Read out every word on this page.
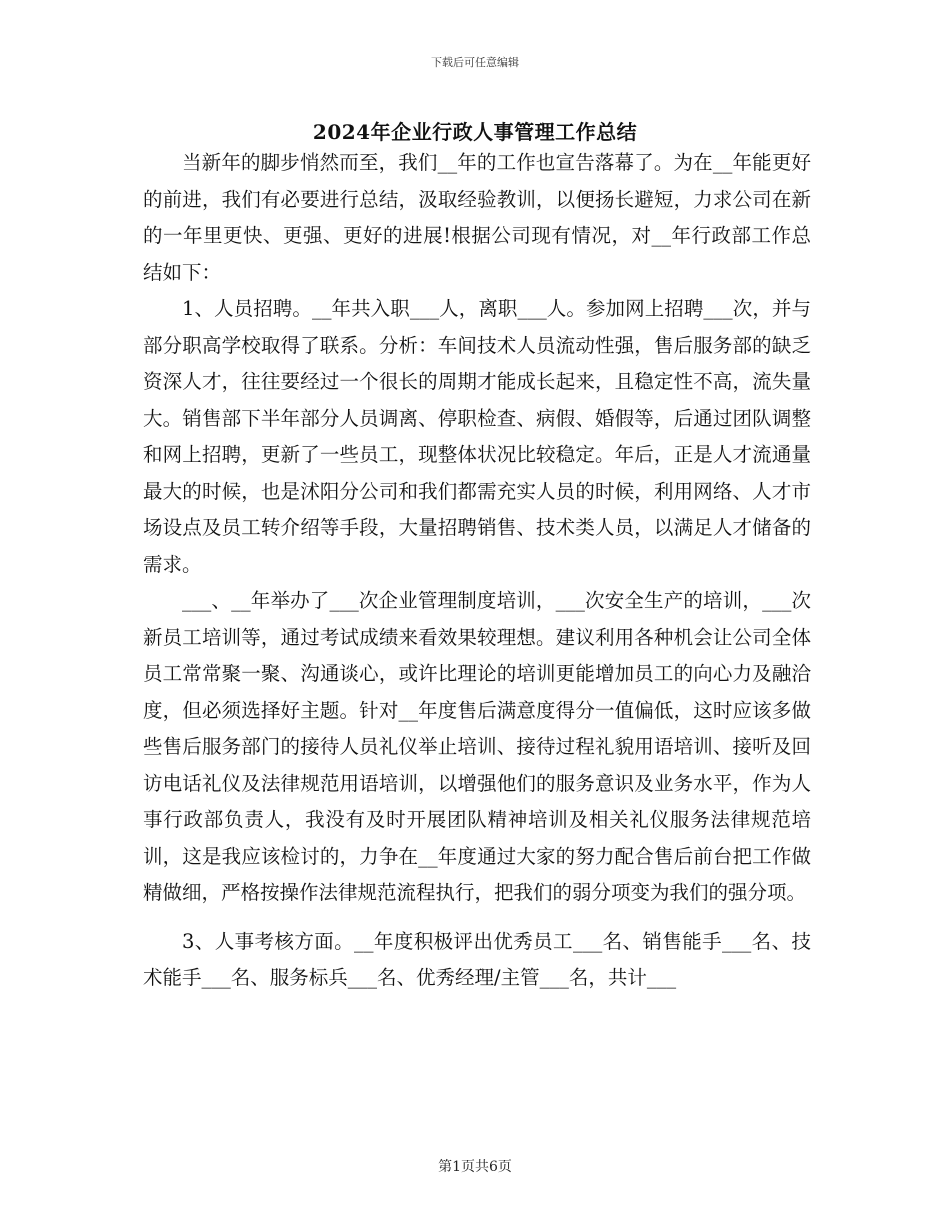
下载后可任意编辑
2024年企业行政人事管理工作总结

当新年的脚步悄然而至，我们__年的工作也宣告落幕了。为在__年能更好的前进，我们有必要进行总结，汲取经验教训，以便扬长避短，力求公司在新的一年里更快、更强、更好的进展!根据公司现有情况，对__年行政部工作总结如下：

1、人员招聘。__年共入职___人，离职___人。参加网上招聘___次，并与部分职高学校取得了联系。分析：车间技术人员流动性强，售后服务部的缺乏资深人才，往往要经过一个很长的周期才能成长起来，且稳定性不高，流失量大。销售部下半年部分人员调离、停职检查、病假、婚假等，后通过团队调整和网上招聘，更新了一些员工，现整体状况比较稳定。年后，正是人才流通量最大的时候，也是沭阳分公司和我们都需充实人员的时候，利用网络、人才市场设点及员工转介绍等手段，大量招聘销售、技术类人员，以满足人才储备的需求。

___、__年举办了___次企业管理制度培训，___次安全生产的培训，___次新员工培训等，通过考试成绩来看效果较理想。建议利用各种机会让公司全体员工常常聚一聚、沟通谈心，或许比理论的培训更能增加员工的向心力及融洽度，但必须选择好主题。针对__年度售后满意度得分一值偏低，这时应该多做些售后服务部门的接待人员礼仪举止培训、接待过程礼貌用语培训、接听及回访电话礼仪及法律规范用语培训，以增强他们的服务意识及业务水平，作为人事行政部负责人，我没有及时开展团队精神培训及相关礼仪服务法律规范培训，这是我应该检讨的，力争在__年度通过大家的努力配合售后前台把工作做精做细，严格按操作法律规范流程执行，把我们的弱分项变为我们的强分项。

3、人事考核方面。__年度积极评出优秀员工___名、销售能手___名、技术能手___名、服务标兵___名、优秀经理/主管___名，共计___

第1页共6页
